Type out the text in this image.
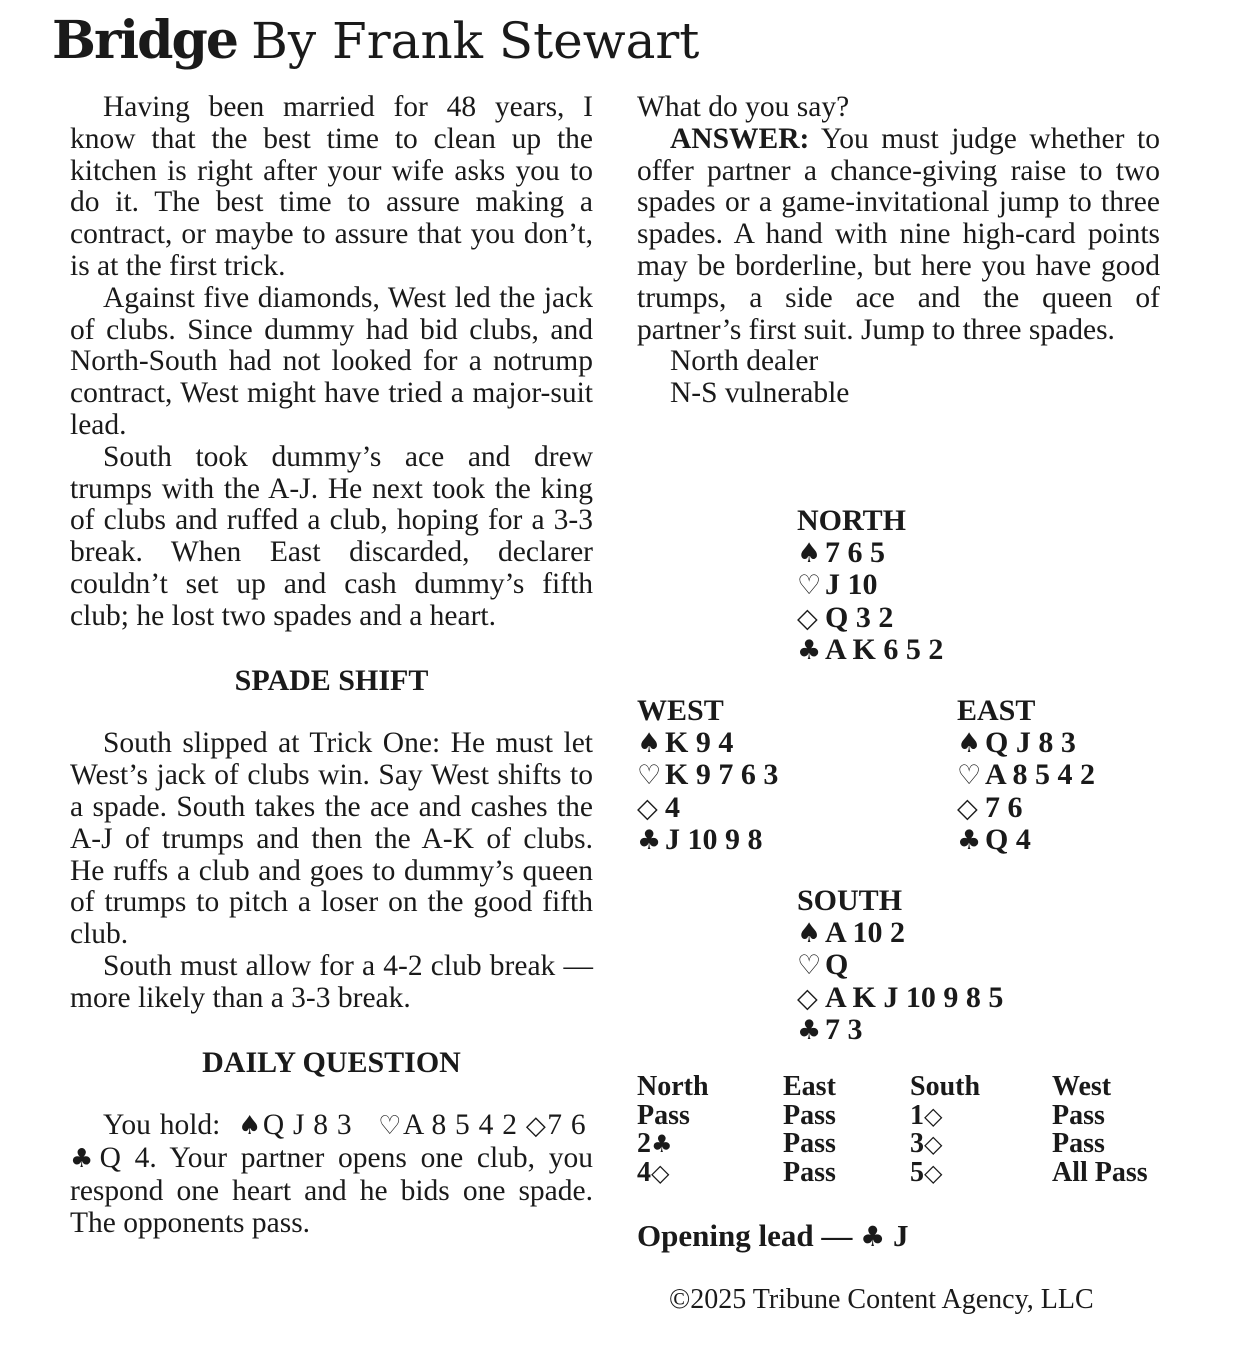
Bridge By Frank Stewart

Having been married for 48 years, I know that the best time to clean up the kitchen is right after your wife asks you to do it. The best time to assure making a contract, or maybe to assure that you don’t, is at the first trick.

Against five diamonds, West led the jack of clubs. Since dummy had bid clubs, and North-South had not looked for a notrump contract, West might have tried a major-suit lead.

South took dummy’s ace and drew trumps with the A-J. He next took the king of clubs and ruffed a club, hoping for a 3-3 break. When East discarded, declarer couldn’t set up and cash dummy’s fifth club; he lost two spades and a heart.

SPADE SHIFT

South slipped at Trick One: He must let West’s jack of clubs win. Say West shifts to a spade. South takes the ace and cashes the A-J of trumps and then the A-K of clubs. He ruffs a club and goes to dummy’s queen of trumps to pitch a loser on the good fifth club.

South must allow for a 4-2 club break — more likely than a 3-3 break.

DAILY QUESTION

You hold: ♠Q J 8 3 ♡A 8 5 4 2 ◇7 6  ♣Q 4. Your partner opens one club, you respond one heart and he bids one spade. The opponents pass.

What do you say?

ANSWER: You must judge whether to offer partner a chance-giving raise to two spades or a game-invitational jump to three spades. A hand with nine high-card points may be borderline, but here you have good trumps, a side ace and the queen of partner’s first suit. Jump to three spades.

North dealer
N-S vulnerable
NORTH
♠ 7 6 5
♡ J 10
◇ Q 3 2
♣ A K 6 5 2
WEST
♠ K 9 4
♡ K 9 7 6 3
◇ 4
♣ J 10 9 8
EAST
♠ Q J 8 3
♡ A 8 5 4 2
◇ 7 6
♣ Q 4
SOUTH
♠ A 10 2
♡ Q
◇ A K J 10 9 8 5
♣ 7 3
North	East	South	West
Pass	Pass	1◇	Pass
2♣	Pass	3◇	Pass
4◇	Pass	5◇	All Pass
Opening lead — ♣ J
©2025 Tribune Content Agency, LLC
